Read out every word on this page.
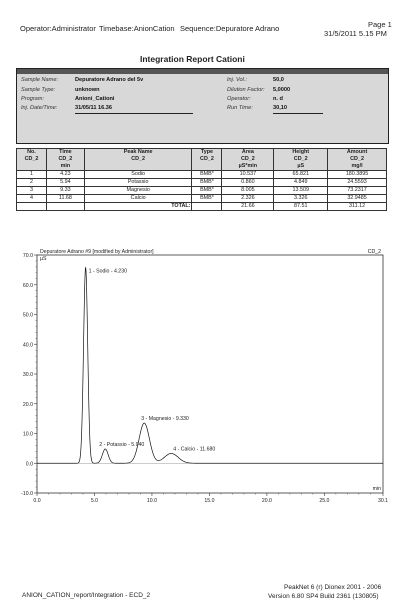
Operator:Administrator Timebase:AnionCation Sequence:Depuratore Adrano	Page 1
31/5/2011 5.15 PM
Integration Report Cationi
Sample Name:	Depuratore Adrano del 5v
Sample Type:	unknown
Program:	Anioni_Cationi
Inj. Date/Time:	31/05/11 16.36
Inj. Vol.:	50,0
Dilution Factor: 5,0000
Operator:	n. d
Run Time:	30,10
No.	Time	Peak Name	Type	Area	Height	Amount
CD_2	CD_2	CD_2	CD_2	CD_2	CD_2	CD_2
	min			µS*min	µS	mg/l
1	4.23	Sodio	BMB*	10.537	65.821	180.3895
2	5.94	Potassio	BMB*	0.860	4.849	24.5593
3	9.33	Magnesio	BMB*	8.005	13.509	73.2317
4	11.68	Calcio	BMB*	2.326	3.326	32.9485
		TOTAL:		21.66	87.51	311.12
-10.0
0.0
10.0
20.0
30.0
40.0
50.0
60.0
70.0
0.0	5.0	10.0	15.0	20.0	25.0	30.1
Depuratore Adrano #9 [modified by Administrator]	CD_2
µS
min
1 - Sodio - 4.230
2 - Potassio - 5.940
3 - Magnesio - 9.330
4 - Calcio - 11.680
ANION_CATION_report/Integration - ECD_2
PeakNet 6 (r) Dionex 2001 - 2006
Version 6.80 SP4 Build 2361 (130805)
